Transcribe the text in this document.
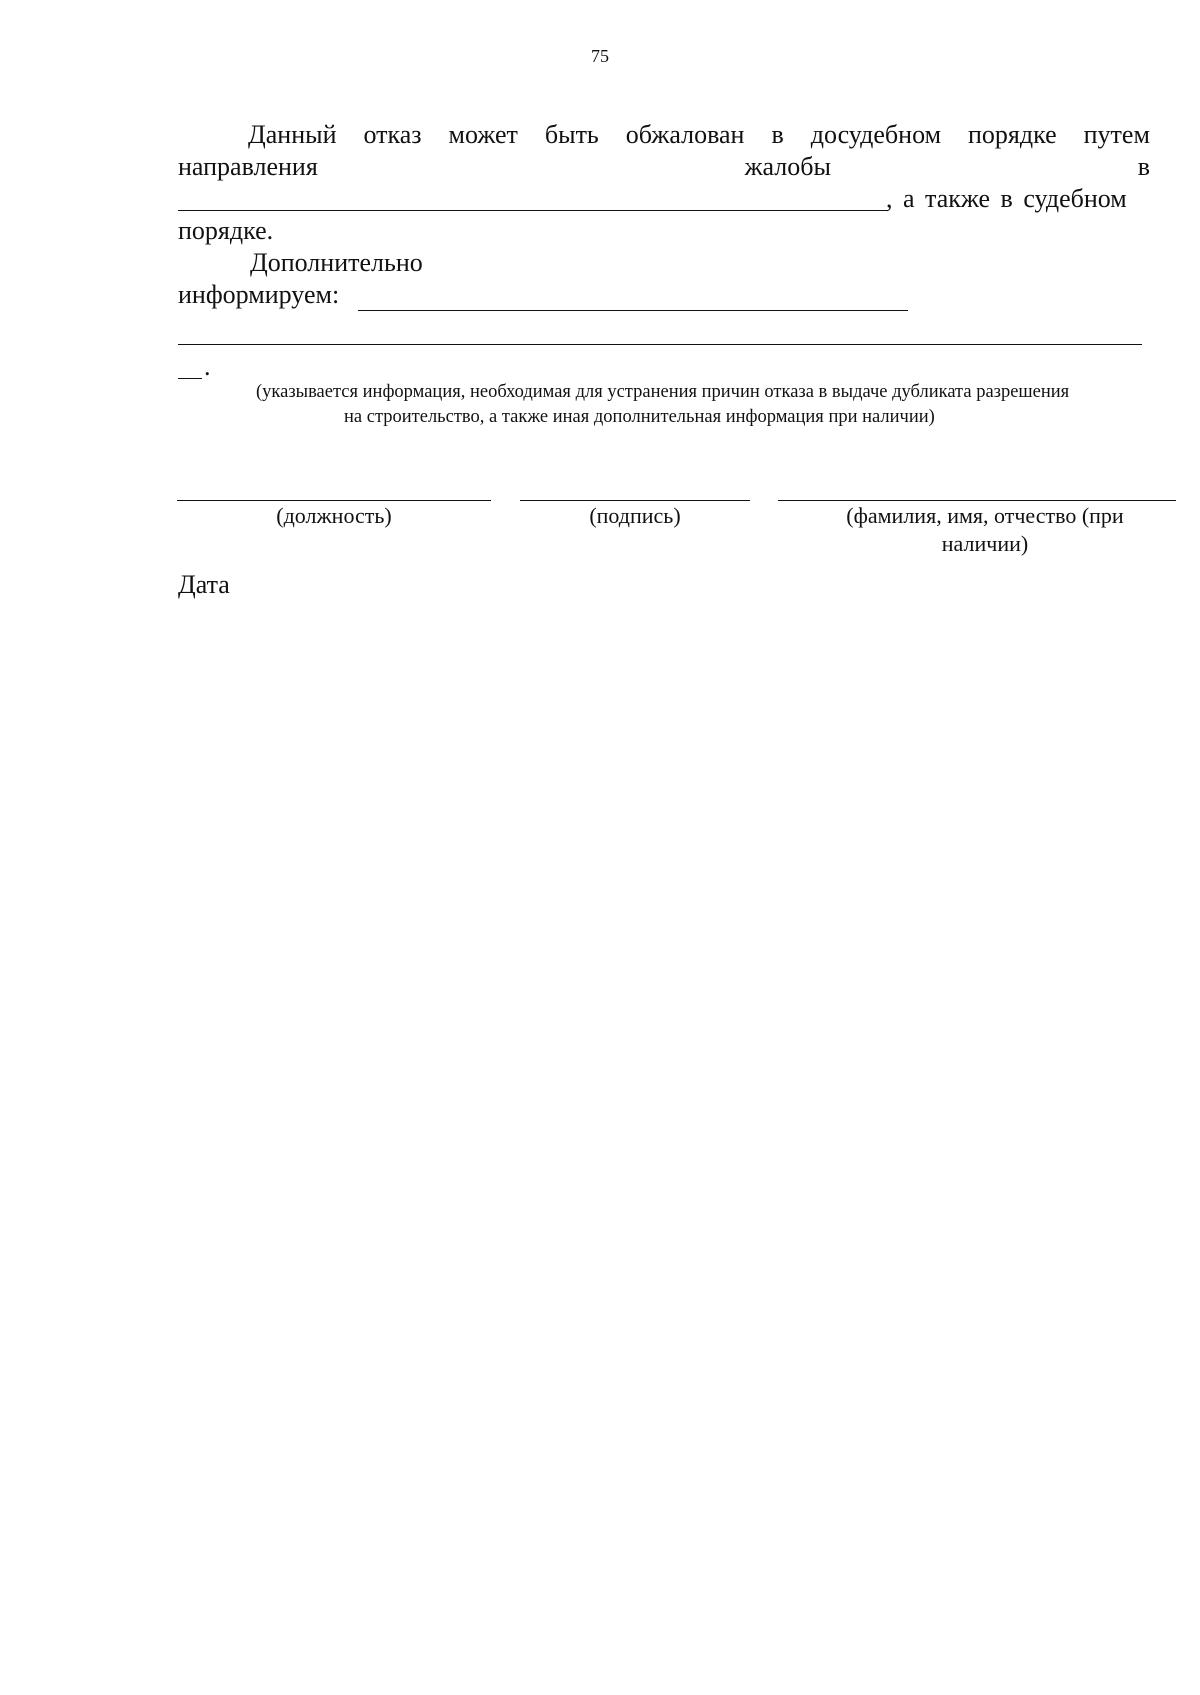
75
Данный отказ может быть обжалован в досудебном порядке путем
направления	жалобы	в
, а также в судебном
порядке.
Дополнительно
информируем:
.
(указывается информация, необходимая для устранения причин отказа в выдаче дубликата разрешения
на строительство, а также иная дополнительная информация при наличии)
(должность)	(подпись)	(фамилия, имя, отчество (при
наличии)
Дата
